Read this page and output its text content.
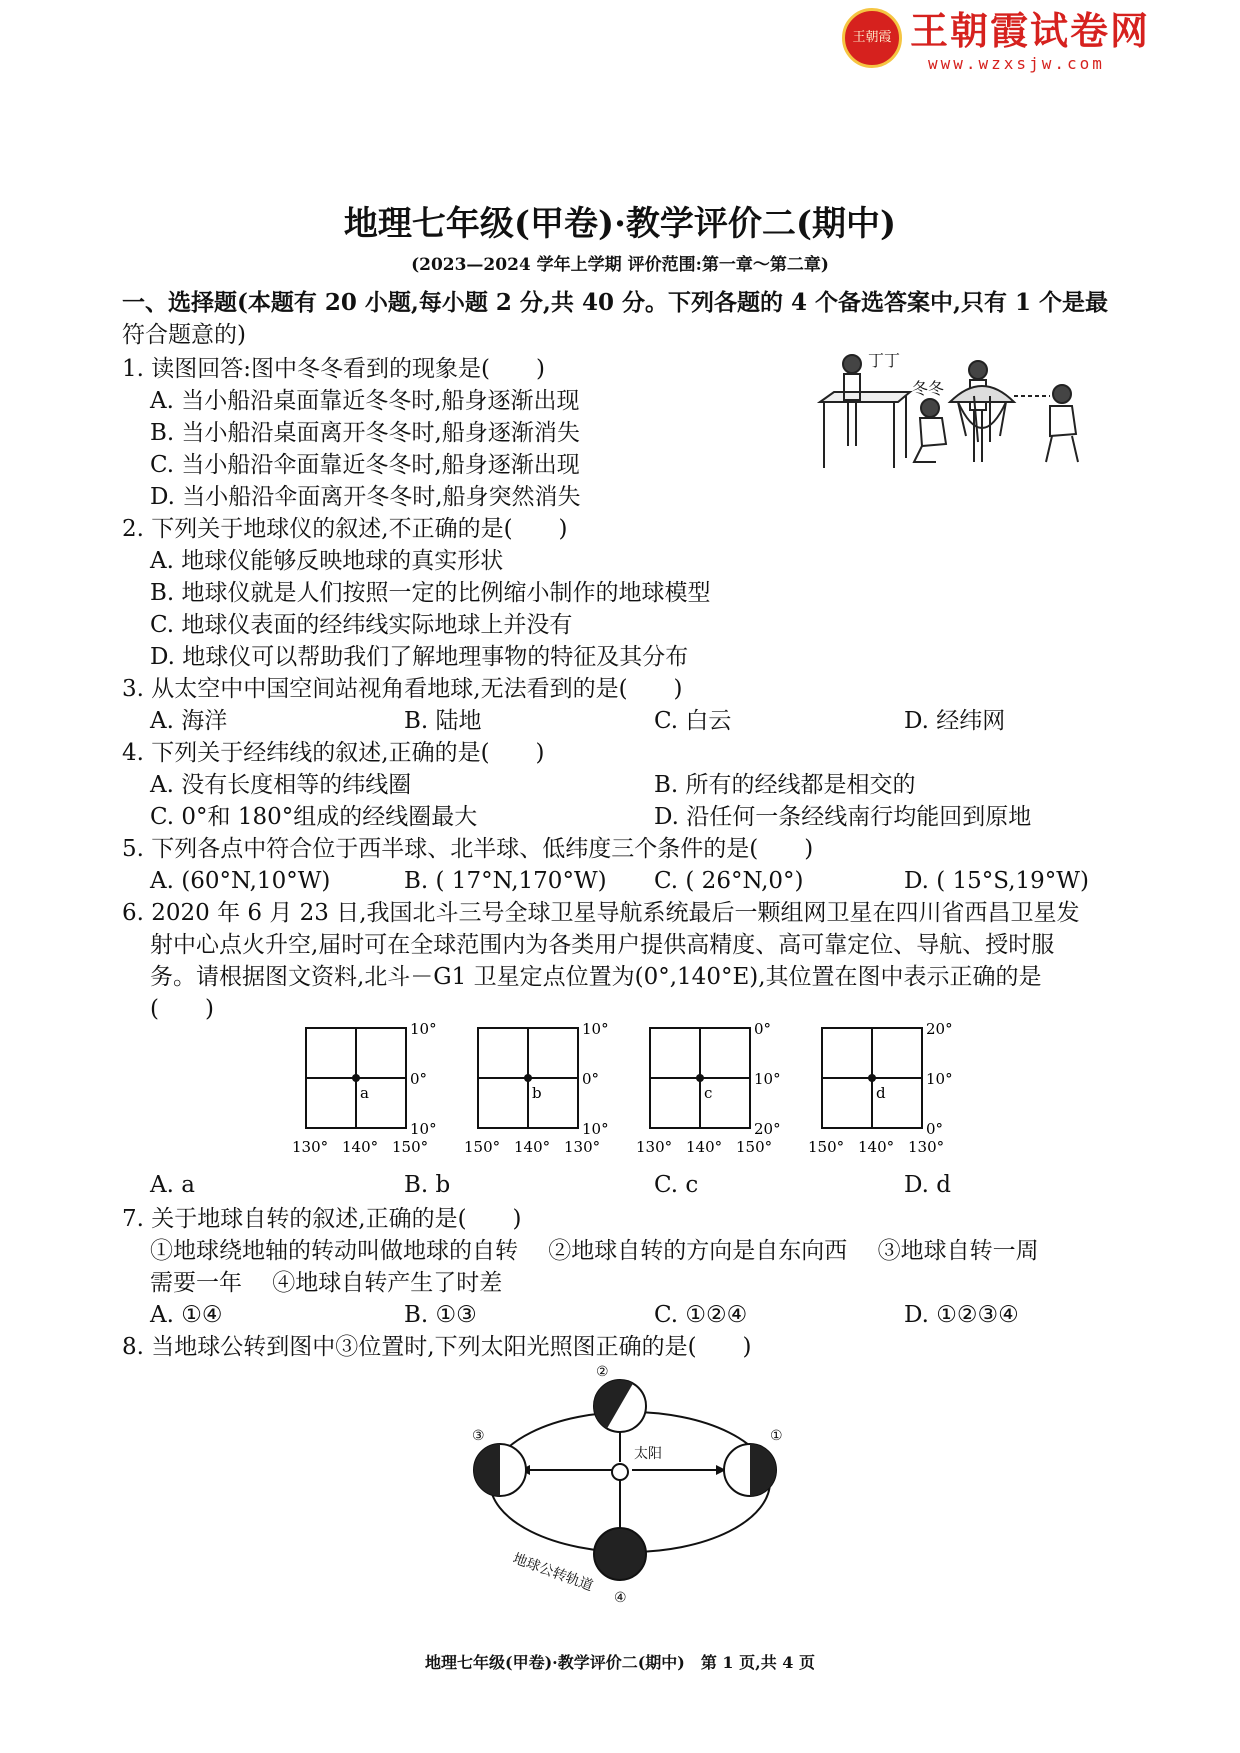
王朝霞 王朝霞试卷网
www.wzxsjw.com
地理七年级(甲卷)·教学评价二(期中)
(2023—2024 学年上学期 评价范围:第一章～第二章)
一、选择题(本题有 20 小题,每小题 2 分,共 40 分。下列各题的 4 个备选答案中,只有 1 个是最
符合题意的)
1. 读图回答:图中冬冬看到的现象是(　　)
A. 当小船沿桌面靠近冬冬时,船身逐渐出现
B. 当小船沿桌面离开冬冬时,船身逐渐消失
C. 当小船沿伞面靠近冬冬时,船身逐渐出现
D. 当小船沿伞面离开冬冬时,船身突然消失
丁丁
冬冬
2. 下列关于地球仪的叙述,不正确的是(　　)
A. 地球仪能够反映地球的真实形状
B. 地球仪就是人们按照一定的比例缩小制作的地球模型
C. 地球仪表面的经纬线实际地球上并没有
D. 地球仪可以帮助我们了解地理事物的特征及其分布
3. 从太空中中国空间站视角看地球,无法看到的是(　　)
A. 海洋	B. 陆地	C. 白云	D. 经纬网
4. 下列关于经纬线的叙述,正确的是(　　)
A. 没有长度相等的纬线圈	B. 所有的经线都是相交的
C. 0°和 180°组成的经线圈最大	D. 沿任何一条经线南行均能回到原地
5. 下列各点中符合位于西半球、北半球、低纬度三个条件的是(　　)
A. (60°N,10°W)	B. ( 17°N,170°W) C. ( 26°N,0°)	D. ( 15°S,19°W)
6. 2020 年 6 月 23 日,我国北斗三号全球卫星导航系统最后一颗组网卫星在四川省西昌卫星发
射中心点火升空,届时可在全球范围内为各类用户提供高精度、高可靠定位、导航、授时服
务。请根据图文资料,北斗－G1 卫星定点位置为(0°,140°E),其位置在图中表示正确的是
(　　)
a
10°
0°
10°
130° 140° 150°
b
10°
0°
10°
150° 140° 130°
c
0°
10°
20°
130° 140° 150°
d
20°
10°
0°
150° 140° 130°
A. a	B. b	C. c	D. d
7. 关于地球自转的叙述,正确的是(　　)
①地球绕地轴的转动叫做地球的自转　 ②地球自转的方向是自东向西　 ③地球自转一周
需要一年　 ④地球自转产生了时差
A. ①④	B. ①③	C. ①②④	D. ①②③④
8. 当地球公转到图中③位置时,下列太阳光照图正确的是(　　)
太阳
地球公转轨道
①
②
③
④
地理七年级(甲卷)·教学评价二(期中)　第 1 页,共 4 页
